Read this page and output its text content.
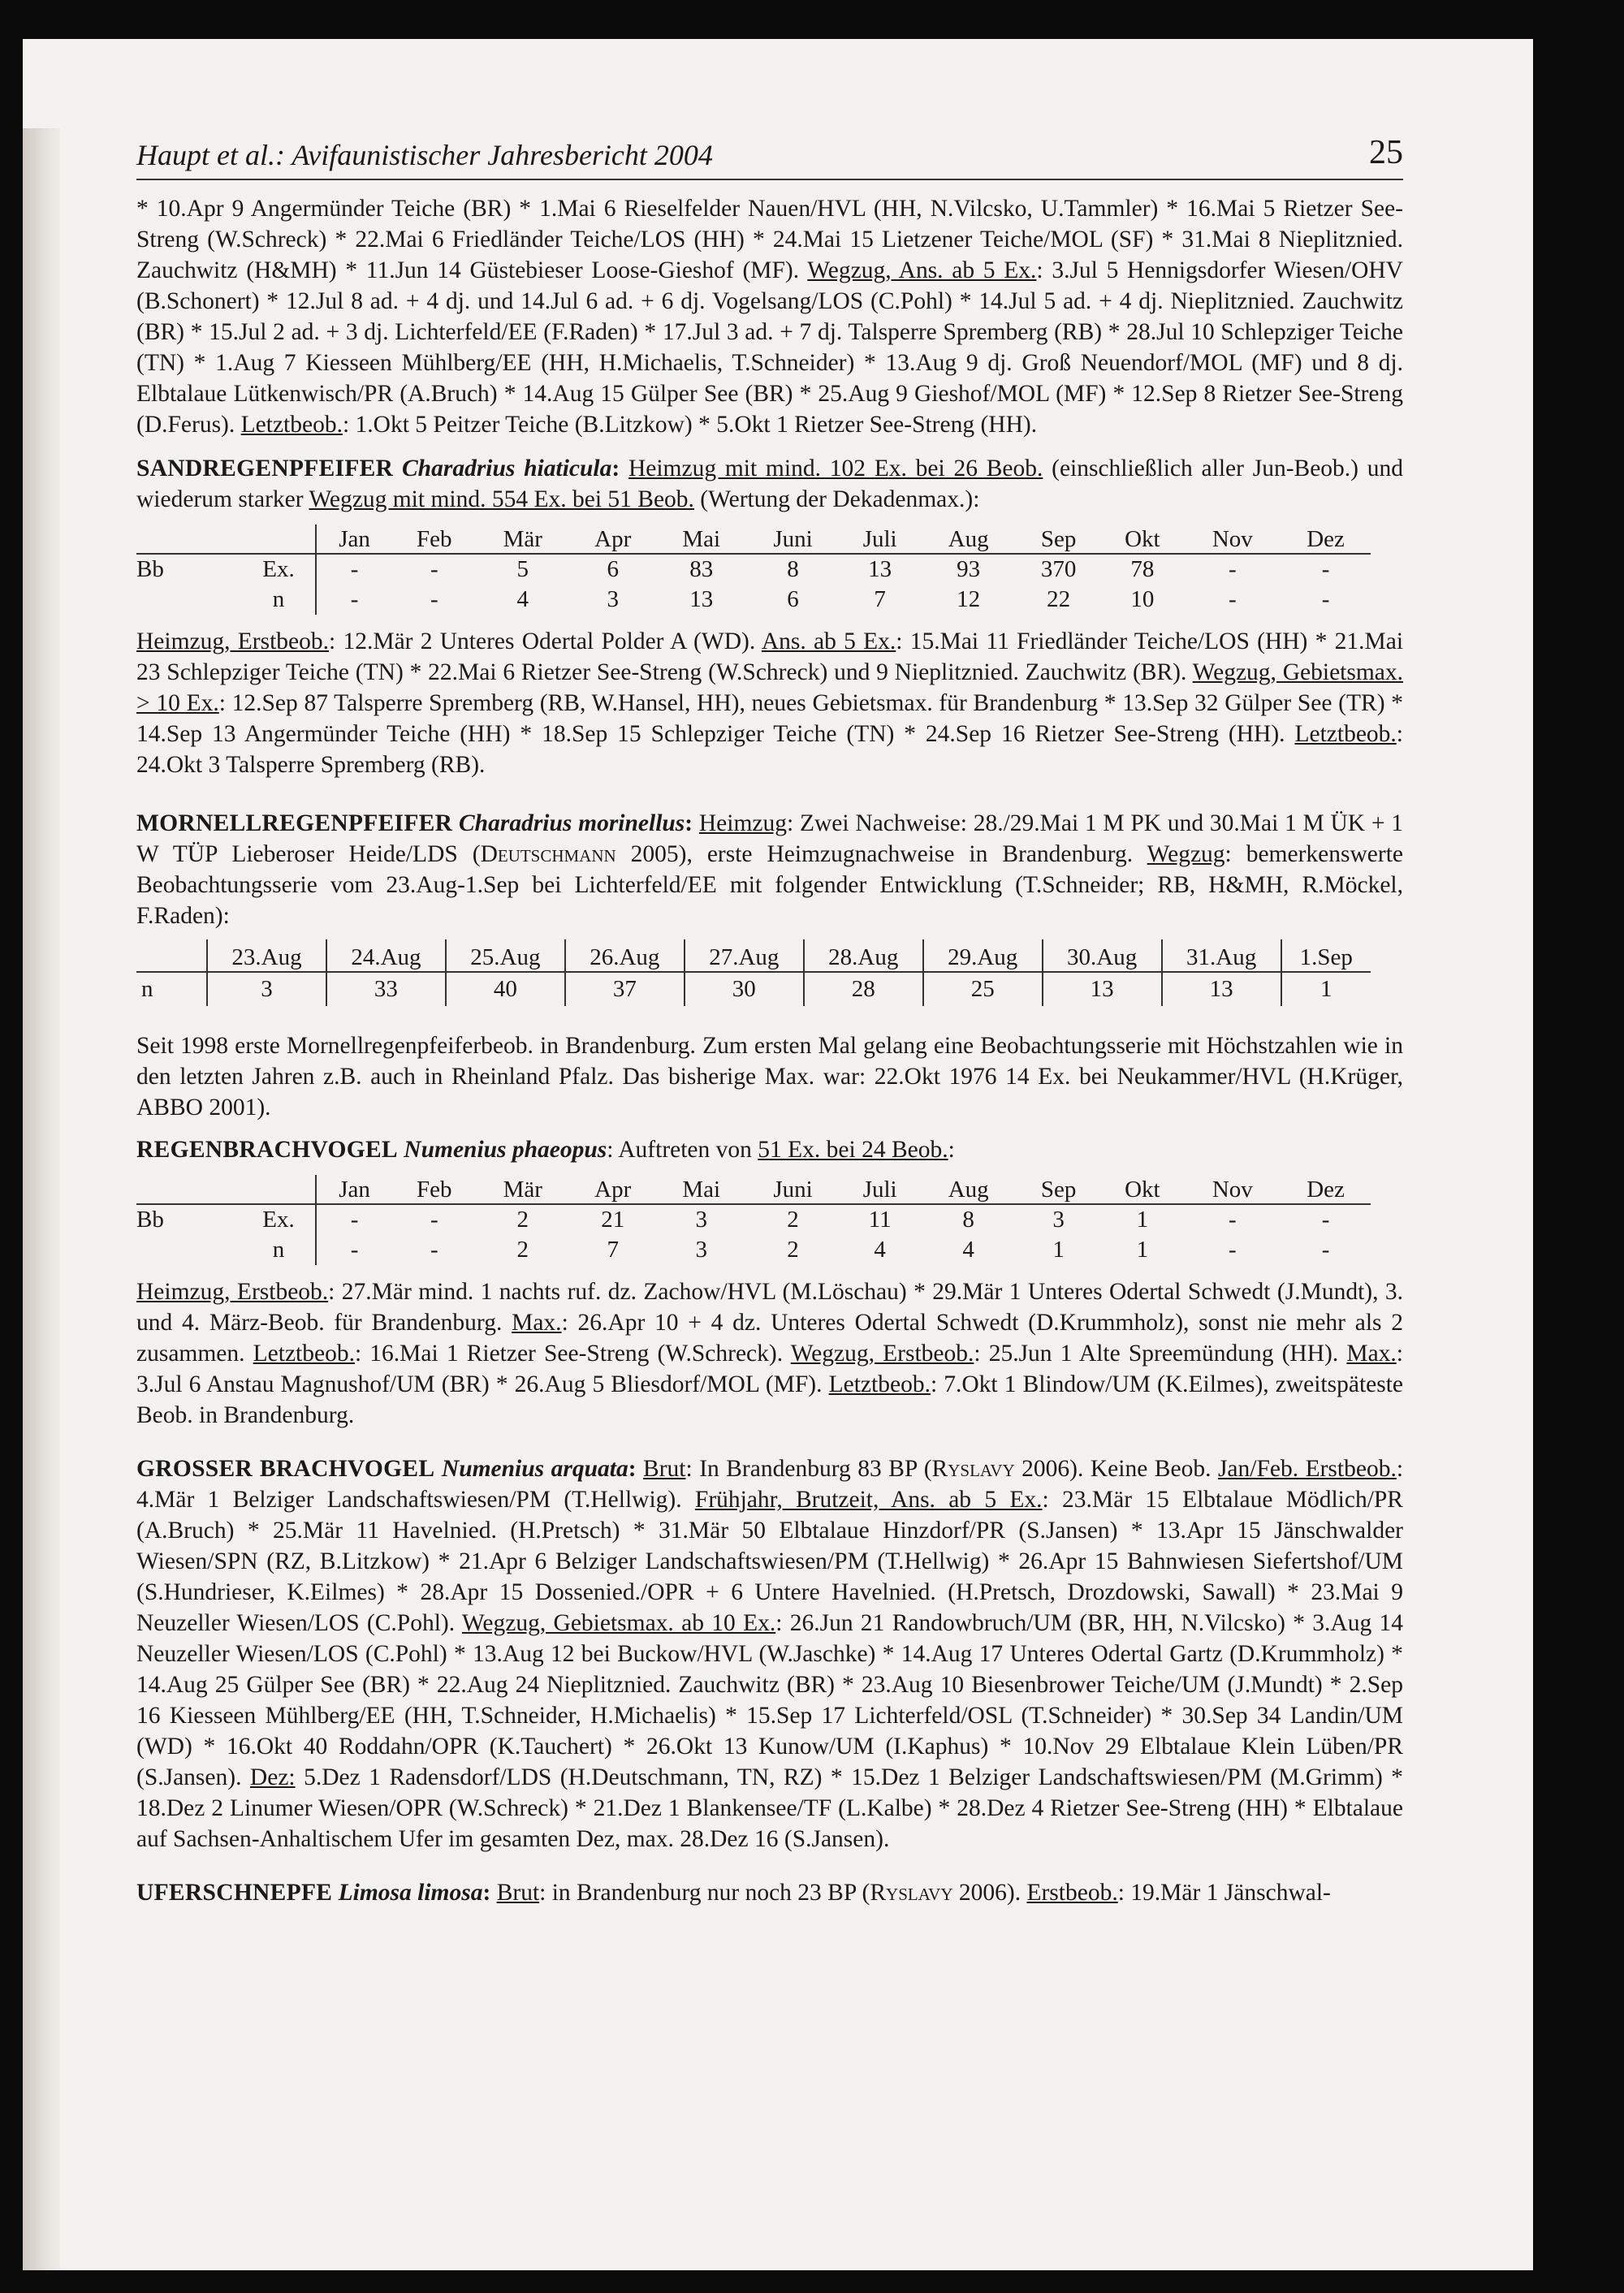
Haupt et al.: Avifaunistischer Jahresbericht 2004	25

* 10.Apr 9 Angermünder Teiche (BR) * 1.Mai 6 Rieselfelder Nauen/HVL (HH, N.Vilcsko, U.Tammler) * 16.Mai 5 Rietzer See-Streng (W.Schreck) * 22.Mai 6 Friedländer Teiche/LOS (HH) * 24.Mai 15 Lietzener Teiche/MOL (SF) * 31.Mai 8 Nieplitznied. Zauchwitz (H&MH) * 11.Jun 14 Güstebieser Loose-Gieshof (MF). Wegzug, Ans. ab 5 Ex.: 3.Jul 5 Hennigsdorfer Wiesen/OHV (B.Schonert) * 12.Jul 8 ad. + 4 dj. und 14.Jul 6 ad. + 6 dj. Vogelsang/LOS (C.Pohl) * 14.Jul 5 ad. + 4 dj. Nieplitznied. Zauchwitz (BR) * 15.Jul 2 ad. + 3 dj. Lichterfeld/EE (F.Raden) * 17.Jul 3 ad. + 7 dj. Talsperre Spremberg (RB) * 28.Jul 10 Schlepziger Teiche (TN) * 1.Aug 7 Kiesseen Mühlberg/EE (HH, H.Michaelis, T.Schneider) * 13.Aug 9 dj. Groß Neuendorf/MOL (MF) und 8 dj. Elbtalaue Lütkenwisch/PR (A.Bruch) * 14.Aug 15 Gülper See (BR) * 25.Aug 9 Gieshof/MOL (MF) * 12.Sep 8 Rietzer See-Streng (D.Ferus). Letztbeob.: 1.Okt 5 Peitzer Teiche (B.Litzkow) * 5.Okt 1 Rietzer See-Streng (HH).

SANDREGENPFEIFER Charadrius hiaticula: Heimzug mit mind. 102 Ex. bei 26 Beob. (einschließlich aller Jun-Beob.) und wiederum starker Wegzug mit mind. 554 Ex. bei 51 Beob. (Wertung der Dekadenmax.):

		Jan	Feb	Mär	Apr	Mai	Juni	Juli	Aug	Sep	Okt	Nov	Dez
Bb	Ex.	-	-	5	6	83	8	13	93	370	78	-	-
	n	-	-	4	3	13	6	7	12	22	10	-	-

Heimzug, Erstbeob.: 12.Mär 2 Unteres Odertal Polder A (WD). Ans. ab 5 Ex.: 15.Mai 11 Friedländer Teiche/LOS (HH) * 21.Mai 23 Schlepziger Teiche (TN) * 22.Mai 6 Rietzer See-Streng (W.Schreck) und 9 Nieplitznied. Zauchwitz (BR). Wegzug, Gebietsmax. > 10 Ex.: 12.Sep 87 Talsperre Spremberg (RB, W.Hansel, HH), neues Gebietsmax. für Brandenburg * 13.Sep 32 Gülper See (TR) * 14.Sep 13 Angermünder Teiche (HH) * 18.Sep 15 Schlepziger Teiche (TN) * 24.Sep 16 Rietzer See-Streng (HH). Letztbeob.: 24.Okt 3 Talsperre Spremberg (RB).

MORNELLREGENPFEIFER Charadrius morinellus: Heimzug: Zwei Nachweise: 28./29.Mai 1 M PK und 30.Mai 1 M ÜK + 1 W TÜP Lieberoser Heide/LDS (Deutschmann 2005), erste Heimzugnachweise in Brandenburg. Wegzug: bemerkenswerte Beobachtungsserie vom 23.Aug-1.Sep bei Lichterfeld/EE mit folgender Entwicklung (T.Schneider; RB, H&MH, R.Möckel, F.Raden):

	23.Aug	24.Aug	25.Aug	26.Aug	27.Aug	28.Aug	29.Aug	30.Aug	31.Aug	1.Sep
n	3	33	40	37	30	28	25	13	13	1

Seit 1998 erste Mornellregenpfeiferbeob. in Brandenburg. Zum ersten Mal gelang eine Beobachtungsserie mit Höchstzahlen wie in den letzten Jahren z.B. auch in Rheinland Pfalz. Das bisherige Max. war: 22.Okt 1976 14 Ex. bei Neukammer/HVL (H.Krüger, ABBO 2001).

REGENBRACHVOGEL Numenius phaeopus: Auftreten von 51 Ex. bei 24 Beob.:

		Jan	Feb	Mär	Apr	Mai	Juni	Juli	Aug	Sep	Okt	Nov	Dez
Bb	Ex.	-	-	2	21	3	2	11	8	3	1	-	-
	n	-	-	2	7	3	2	4	4	1	1	-	-

Heimzug, Erstbeob.: 27.Mär mind. 1 nachts ruf. dz. Zachow/HVL (M.Löschau) * 29.Mär 1 Unteres Odertal Schwedt (J.Mundt), 3. und 4. März-Beob. für Brandenburg. Max.: 26.Apr 10 + 4 dz. Unteres Odertal Schwedt (D.Krummholz), sonst nie mehr als 2 zusammen. Letztbeob.: 16.Mai 1 Rietzer See-Streng (W.Schreck). Wegzug, Erstbeob.: 25.Jun 1 Alte Spreemündung (HH). Max.: 3.Jul 6 Anstau Magnushof/UM (BR) * 26.Aug 5 Bliesdorf/MOL (MF). Letztbeob.: 7.Okt 1 Blindow/UM (K.Eilmes), zweitspäteste Beob. in Brandenburg.

GROSSER BRACHVOGEL Numenius arquata: Brut: In Brandenburg 83 BP (Ryslavy 2006). Keine Beob. Jan/Feb. Erstbeob.: 4.Mär 1 Belziger Landschaftswiesen/PM (T.Hellwig). Frühjahr, Brutzeit, Ans. ab 5 Ex.: 23.Mär 15 Elbtalaue Mödlich/PR (A.Bruch) * 25.Mär 11 Havelnied. (H.Pretsch) * 31.Mär 50 Elbtalaue Hinzdorf/PR (S.Jansen) * 13.Apr 15 Jänschwalder Wiesen/SPN (RZ, B.Litzkow) * 21.Apr 6 Belziger Landschaftswiesen/PM (T.Hellwig) * 26.Apr 15 Bahnwiesen Siefertshof/UM (S.Hundrieser, K.Eilmes) * 28.Apr 15 Dossenied./OPR + 6 Untere Havelnied. (H.Pretsch, Drozdowski, Sawall) * 23.Mai 9 Neuzeller Wiesen/LOS (C.Pohl). Wegzug, Gebietsmax. ab 10 Ex.: 26.Jun 21 Randowbruch/UM (BR, HH, N.Vilcsko) * 3.Aug 14 Neuzeller Wiesen/LOS (C.Pohl) * 13.Aug 12 bei Buckow/HVL (W.Jaschke) * 14.Aug 17 Unteres Odertal Gartz (D.Krummholz) * 14.Aug 25 Gülper See (BR) * 22.Aug 24 Nieplitznied. Zauchwitz (BR) * 23.Aug 10 Biesenbrower Teiche/UM (J.Mundt) * 2.Sep 16 Kiesseen Mühlberg/EE (HH, T.Schneider, H.Michaelis) * 15.Sep 17 Lichterfeld/OSL (T.Schneider) * 30.Sep 34 Landin/UM (WD) * 16.Okt 40 Roddahn/OPR (K.Tauchert) * 26.Okt 13 Kunow/UM (I.Kaphus) * 10.Nov 29 Elbtalaue Klein Lüben/PR (S.Jansen). Dez: 5.Dez 1 Radensdorf/LDS (H.Deutschmann, TN, RZ) * 15.Dez 1 Belziger Landschaftswiesen/PM (M.Grimm) * 18.Dez 2 Linumer Wiesen/OPR (W.Schreck) * 21.Dez 1 Blankensee/TF (L.Kalbe) * 28.Dez 4 Rietzer See-Streng (HH) * Elbtalaue auf Sachsen-Anhaltischem Ufer im gesamten Dez, max. 28.Dez 16 (S.Jansen).

UFERSCHNEPFE Limosa limosa: Brut: in Brandenburg nur noch 23 BP (Ryslavy 2006). Erstbeob.: 19.Mär 1 Jänschwal-
